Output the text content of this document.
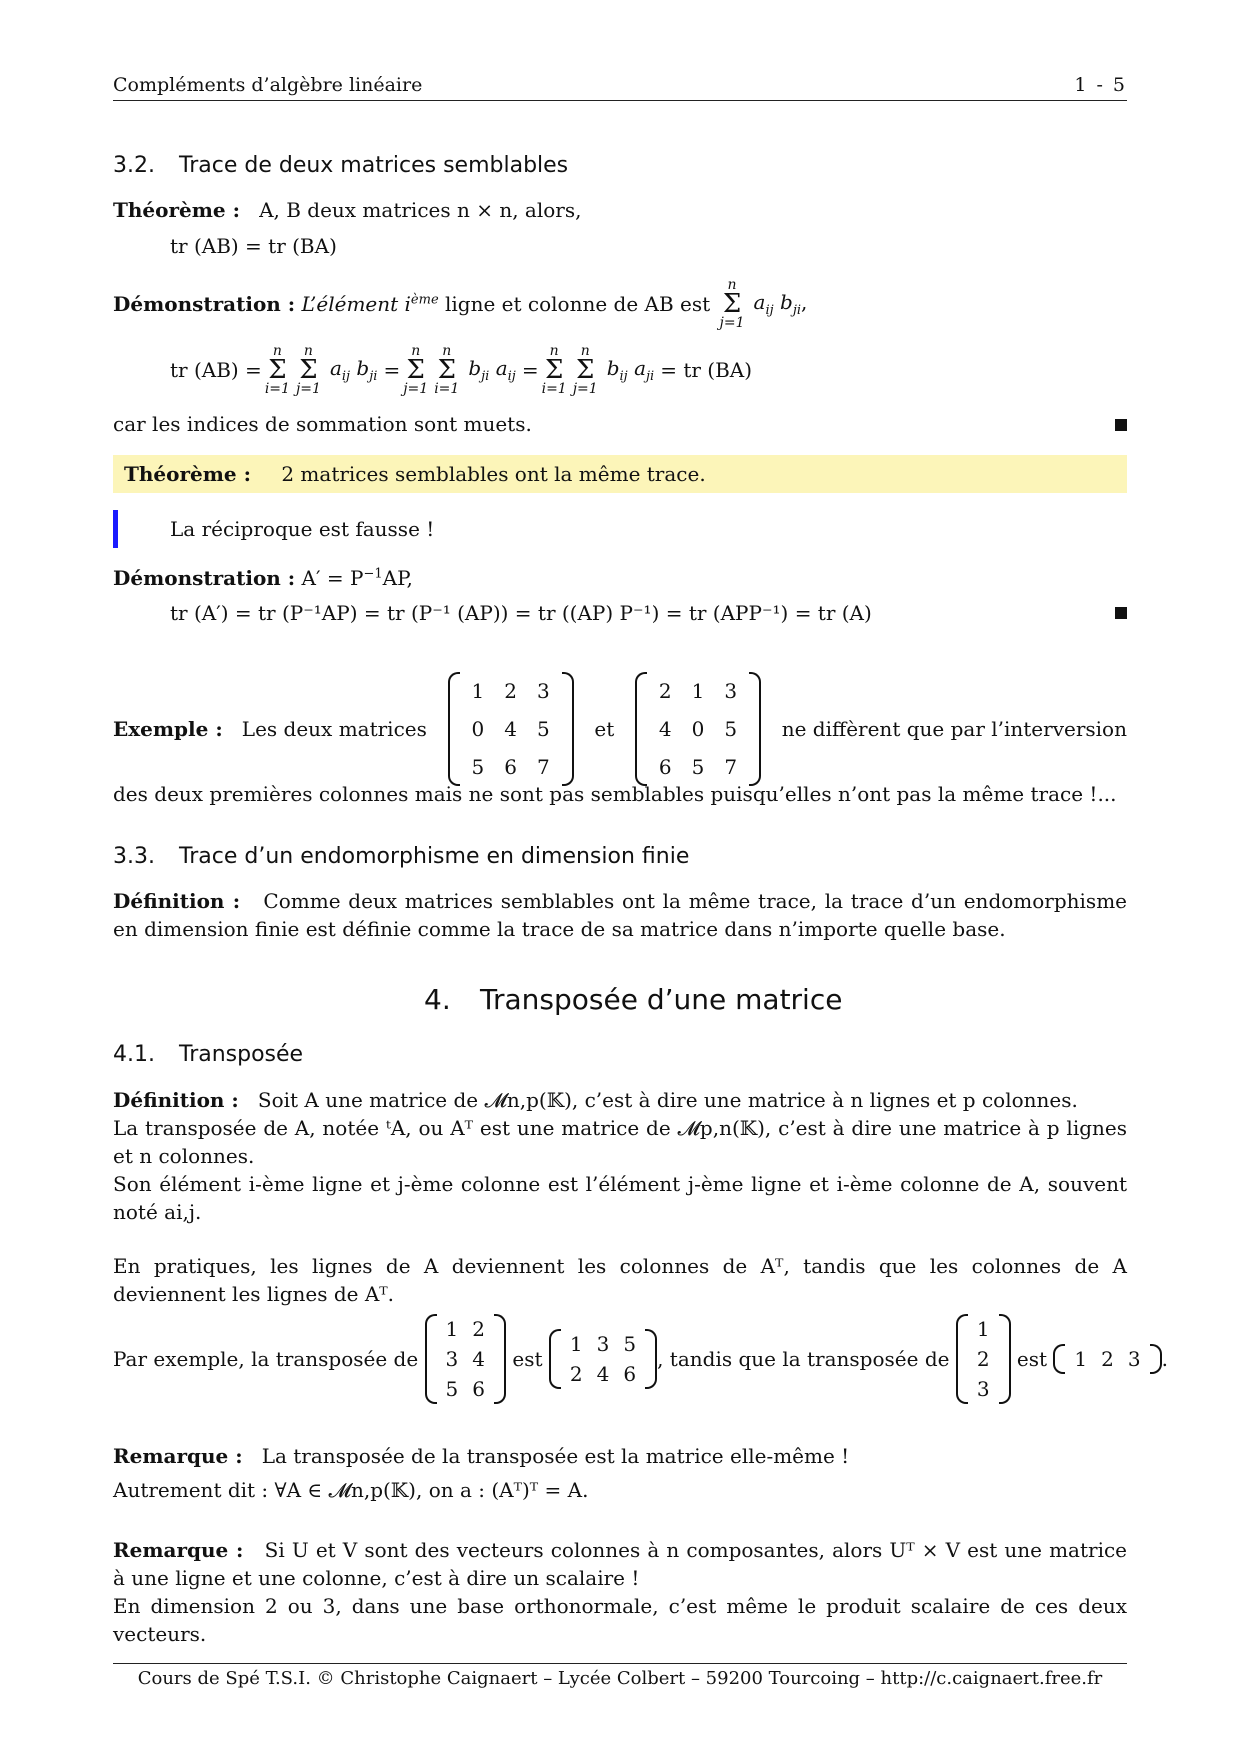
Compléments d’algèbre linéaire	1 - 5
3.2. Trace de deux matrices semblables
Théorème : A, B deux matrices n × n, alors,
tr (AB) = tr (BA)
Démonstration :
L’élément $i^{ème}$ ligne et colonne de AB est

n
Σ
j=1
$a_{ij}$ $b_{ji}$,
tr (AB) =
n
Σ
i=1
n
Σ
j=1
$a_{ij}$ $b_{ji}$ =
n
Σ
j=1
n
Σ
i=1
$b_{ji}$ $a_{ij}$ =
n
Σ
i=1
n
Σ
j=1
$b_{ij}$ $a_{ji}$ = tr (BA)
car les indices de sommation sont muets.
Théorème : 2 matrices semblables ont la même trace.
La réciproque est fausse !
Démonstration : $A' = P^{-1}AP$,
tr (A′) = tr (P⁻¹AP) = tr (P⁻¹ (AP)) = tr ((AP) P⁻¹) = tr (APP⁻¹) = tr (A)
Exemple : Les deux matrices
1	2	3
0	4	5
5	6	7
et
2	1	3
4	0	5
6	5	7
ne diffèrent que par l’interversion
des deux premières colonnes mais ne sont pas semblables puisqu’elles n’ont pas la même trace !...
3.3. Trace d’un endomorphisme en dimension finie
Définition : Comme deux matrices semblables ont la même trace, la trace d’un endomorphisme en dimension finie est définie comme la trace de sa matrice dans n’importe quelle base.
4. Transposée d’une matrice
4.1. Transposée
Définition : Soit A une matrice de 𝓜n,p(𝕂), c’est à dire une matrice à n lignes et p colonnes.
La transposée de A, notée ᵗA, ou Aᵀ est une matrice de 𝓜p,n(𝕂), c’est à dire une matrice à p lignes et n colonnes.
Son élément i-ème ligne et j-ème colonne est l’élément j-ème ligne et i-ème colonne de A, souvent noté ai,j.
En pratiques, les lignes de A deviennent les colonnes de Aᵀ, tandis que les colonnes de A deviennent les lignes de Aᵀ.
Par exemple, la transposée de

1	2
3	4
5	6

est

1	3	5
2	4	6
, tandis que la transposée de

1
2
3

est
1	2	3 .
Remarque : La transposée de la transposée est la matrice elle-même !
Autrement dit : ∀A ∈ 𝓜n,p(𝕂), on a : (Aᵀ)ᵀ = A.
Remarque : Si U et V sont des vecteurs colonnes à n composantes, alors Uᵀ × V est une matrice à une ligne et une colonne, c’est à dire un scalaire !
En dimension 2 ou 3, dans une base orthonormale, c’est même le produit scalaire de ces deux vecteurs.
Cours de Spé T.S.I. © Christophe Caignaert – Lycée Colbert – 59200 Tourcoing – http://c.caignaert.free.fr
